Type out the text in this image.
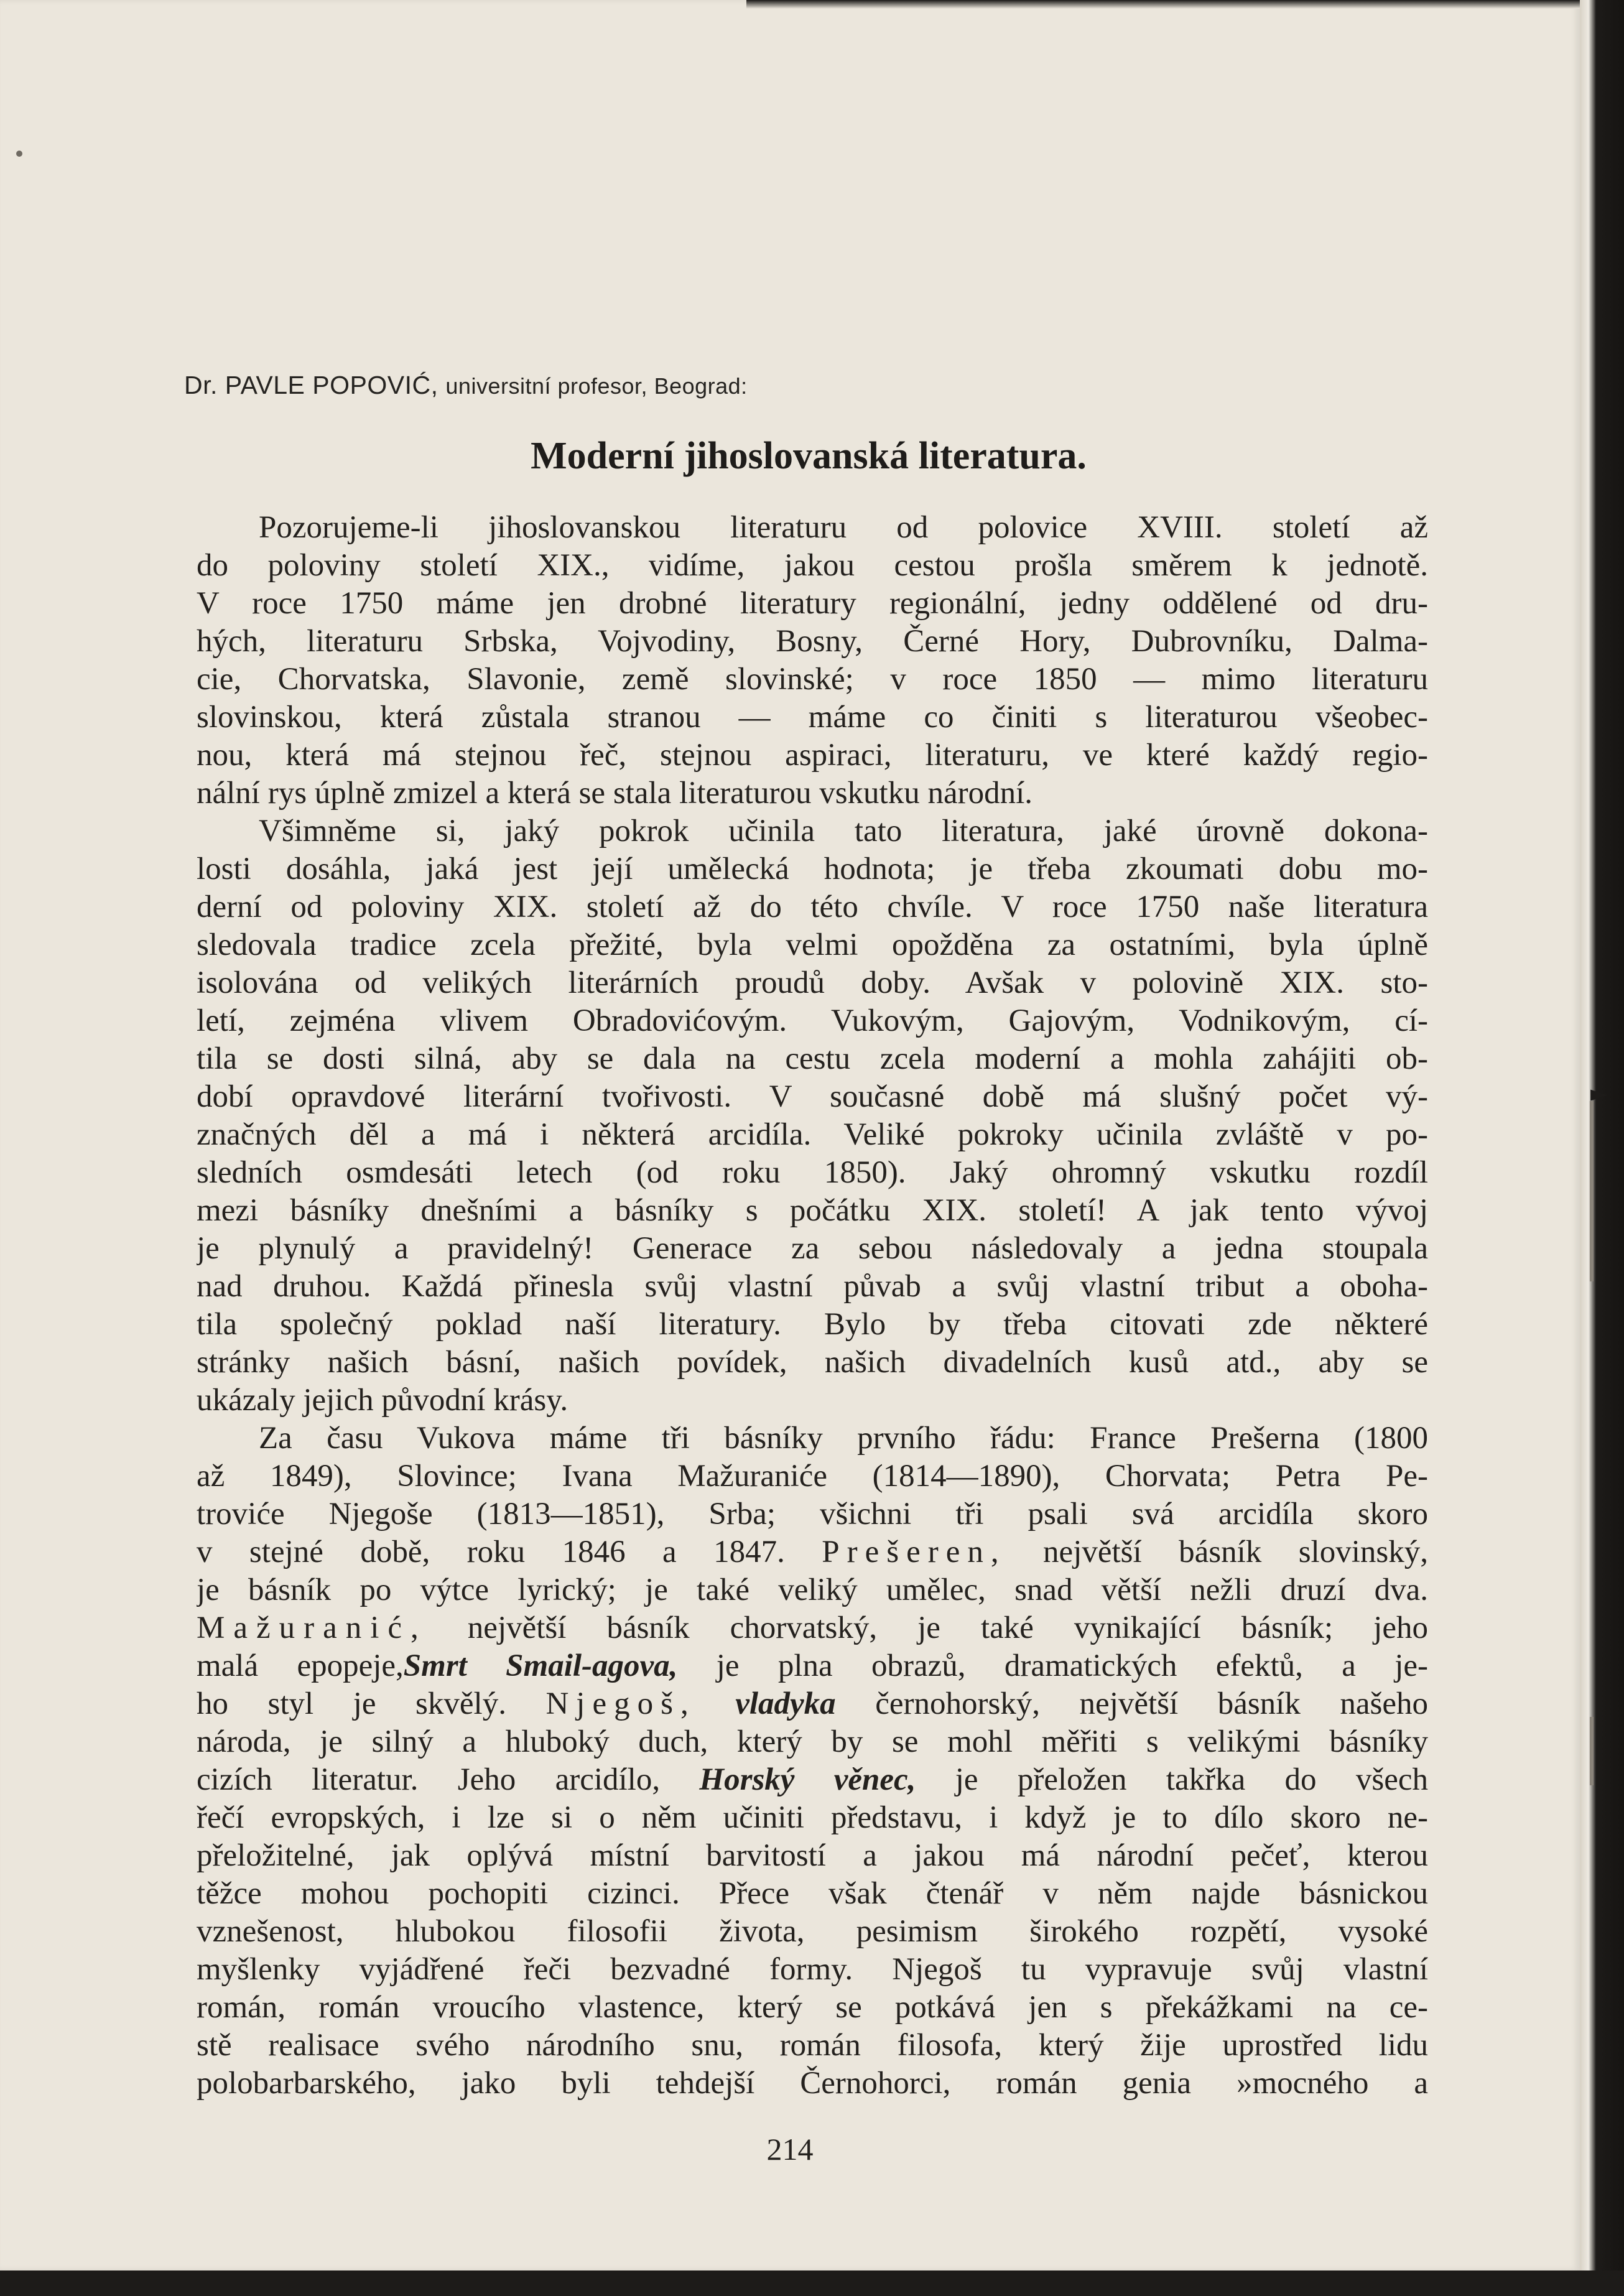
Dr. PAVLE POPOVIĆ, universitní profesor, Beograd:
Moderní jihoslovanská literatura.
Pozorujeme-li jihoslovanskou literaturu od polovice XVIII. století až
do poloviny století XIX., vidíme, jakou cestou prošla směrem k jednotě.
V roce 1750 máme jen drobné literatury regionální, jedny oddělené od dru-
hých, literaturu Srbska, Vojvodiny, Bosny, Černé Hory, Dubrovníku, Dalma-
cie, Chorvatska, Slavonie, země slovinské; v roce 1850 — mimo literaturu
slovinskou, která zůstala stranou — máme co činiti s literaturou všeobec-
nou, která má stejnou řeč, stejnou aspiraci, literaturu, ve které každý regio-
nální rys úplně zmizel a která se stala literaturou vskutku národní.
Všimněme si, jaký pokrok učinila tato literatura, jaké úrovně dokona-
losti dosáhla, jaká jest její umělecká hodnota; je třeba zkoumati dobu mo-
derní od poloviny XIX. století až do této chvíle. V roce 1750 naše literatura
sledovala tradice zcela přežité, byla velmi opožděna za ostatními, byla úplně
isolována od velikých literárních proudů doby. Avšak v polovině XIX. sto-
letí, zejména vlivem Obradovićovým. Vukovým, Gajovým, Vodnikovým, cí-
tila se dosti silná, aby se dala na cestu zcela moderní a mohla zahájiti ob-
dobí opravdové literární tvořivosti. V současné době má slušný počet vý-
značných děl a má i některá arcidíla. Veliké pokroky učinila zvláště v po-
sledních osmdesáti letech (od roku 1850). Jaký ohromný vskutku rozdíl
mezi básníky dnešními a básníky s počátku XIX. století! A jak tento vývoj
je plynulý a pravidelný! Generace za sebou následovaly a jedna stoupala
nad druhou. Každá přinesla svůj vlastní půvab a svůj vlastní tribut a oboha-
tila společný poklad naší literatury. Bylo by třeba citovati zde některé
stránky našich básní, našich povídek, našich divadelních kusů atd., aby se
ukázaly jejich původní krásy.
Za času Vukova máme tři básníky prvního řádu: France Prešerna (1800
až 1849), Slovince; Ivana Mažuraniće (1814—1890), Chorvata; Petra Pe-
troviće Njegoše (1813—1851), Srba; všichni tři psali svá arcidíla skoro
v stejné době, roku 1846 a 1847. Prešeren, největší básník slovinský,
je básník po výtce lyrický; je také veliký umělec, snad větší nežli druzí dva.
Mažuranić, největší básník chorvatský, je také vynikající básník; jeho
malá epopeje,Smrt Smail-agova, je plna obrazů, dramatických efektů, a je-
ho styl je skvělý. Njegoš, vladyka černohorský, největší básník našeho
národa, je silný a hluboký duch, který by se mohl měřiti s velikými básníky
cizích literatur. Jeho arcidílo, Horský věnec, je přeložen takřka do všech
řečí evropských, i lze si o něm učiniti představu, i když je to dílo skoro ne-
přeložitelné, jak oplývá místní barvitostí a jakou má národní pečeť, kterou
těžce mohou pochopiti cizinci. Přece však čtenář v něm najde básnickou
vznešenost, hlubokou filosofii života, pesimism širokého rozpětí, vysoké
myšlenky vyjádřené řeči bezvadné formy. Njegoš tu vypravuje svůj vlastní
román, román vroucího vlastence, který se potkává jen s překážkami na ce-
stě realisace svého národního snu, román filosofa, který žije uprostřed lidu
polobarbarského, jako byli tehdejší Černohorci, román genia »mocného a
214
►
